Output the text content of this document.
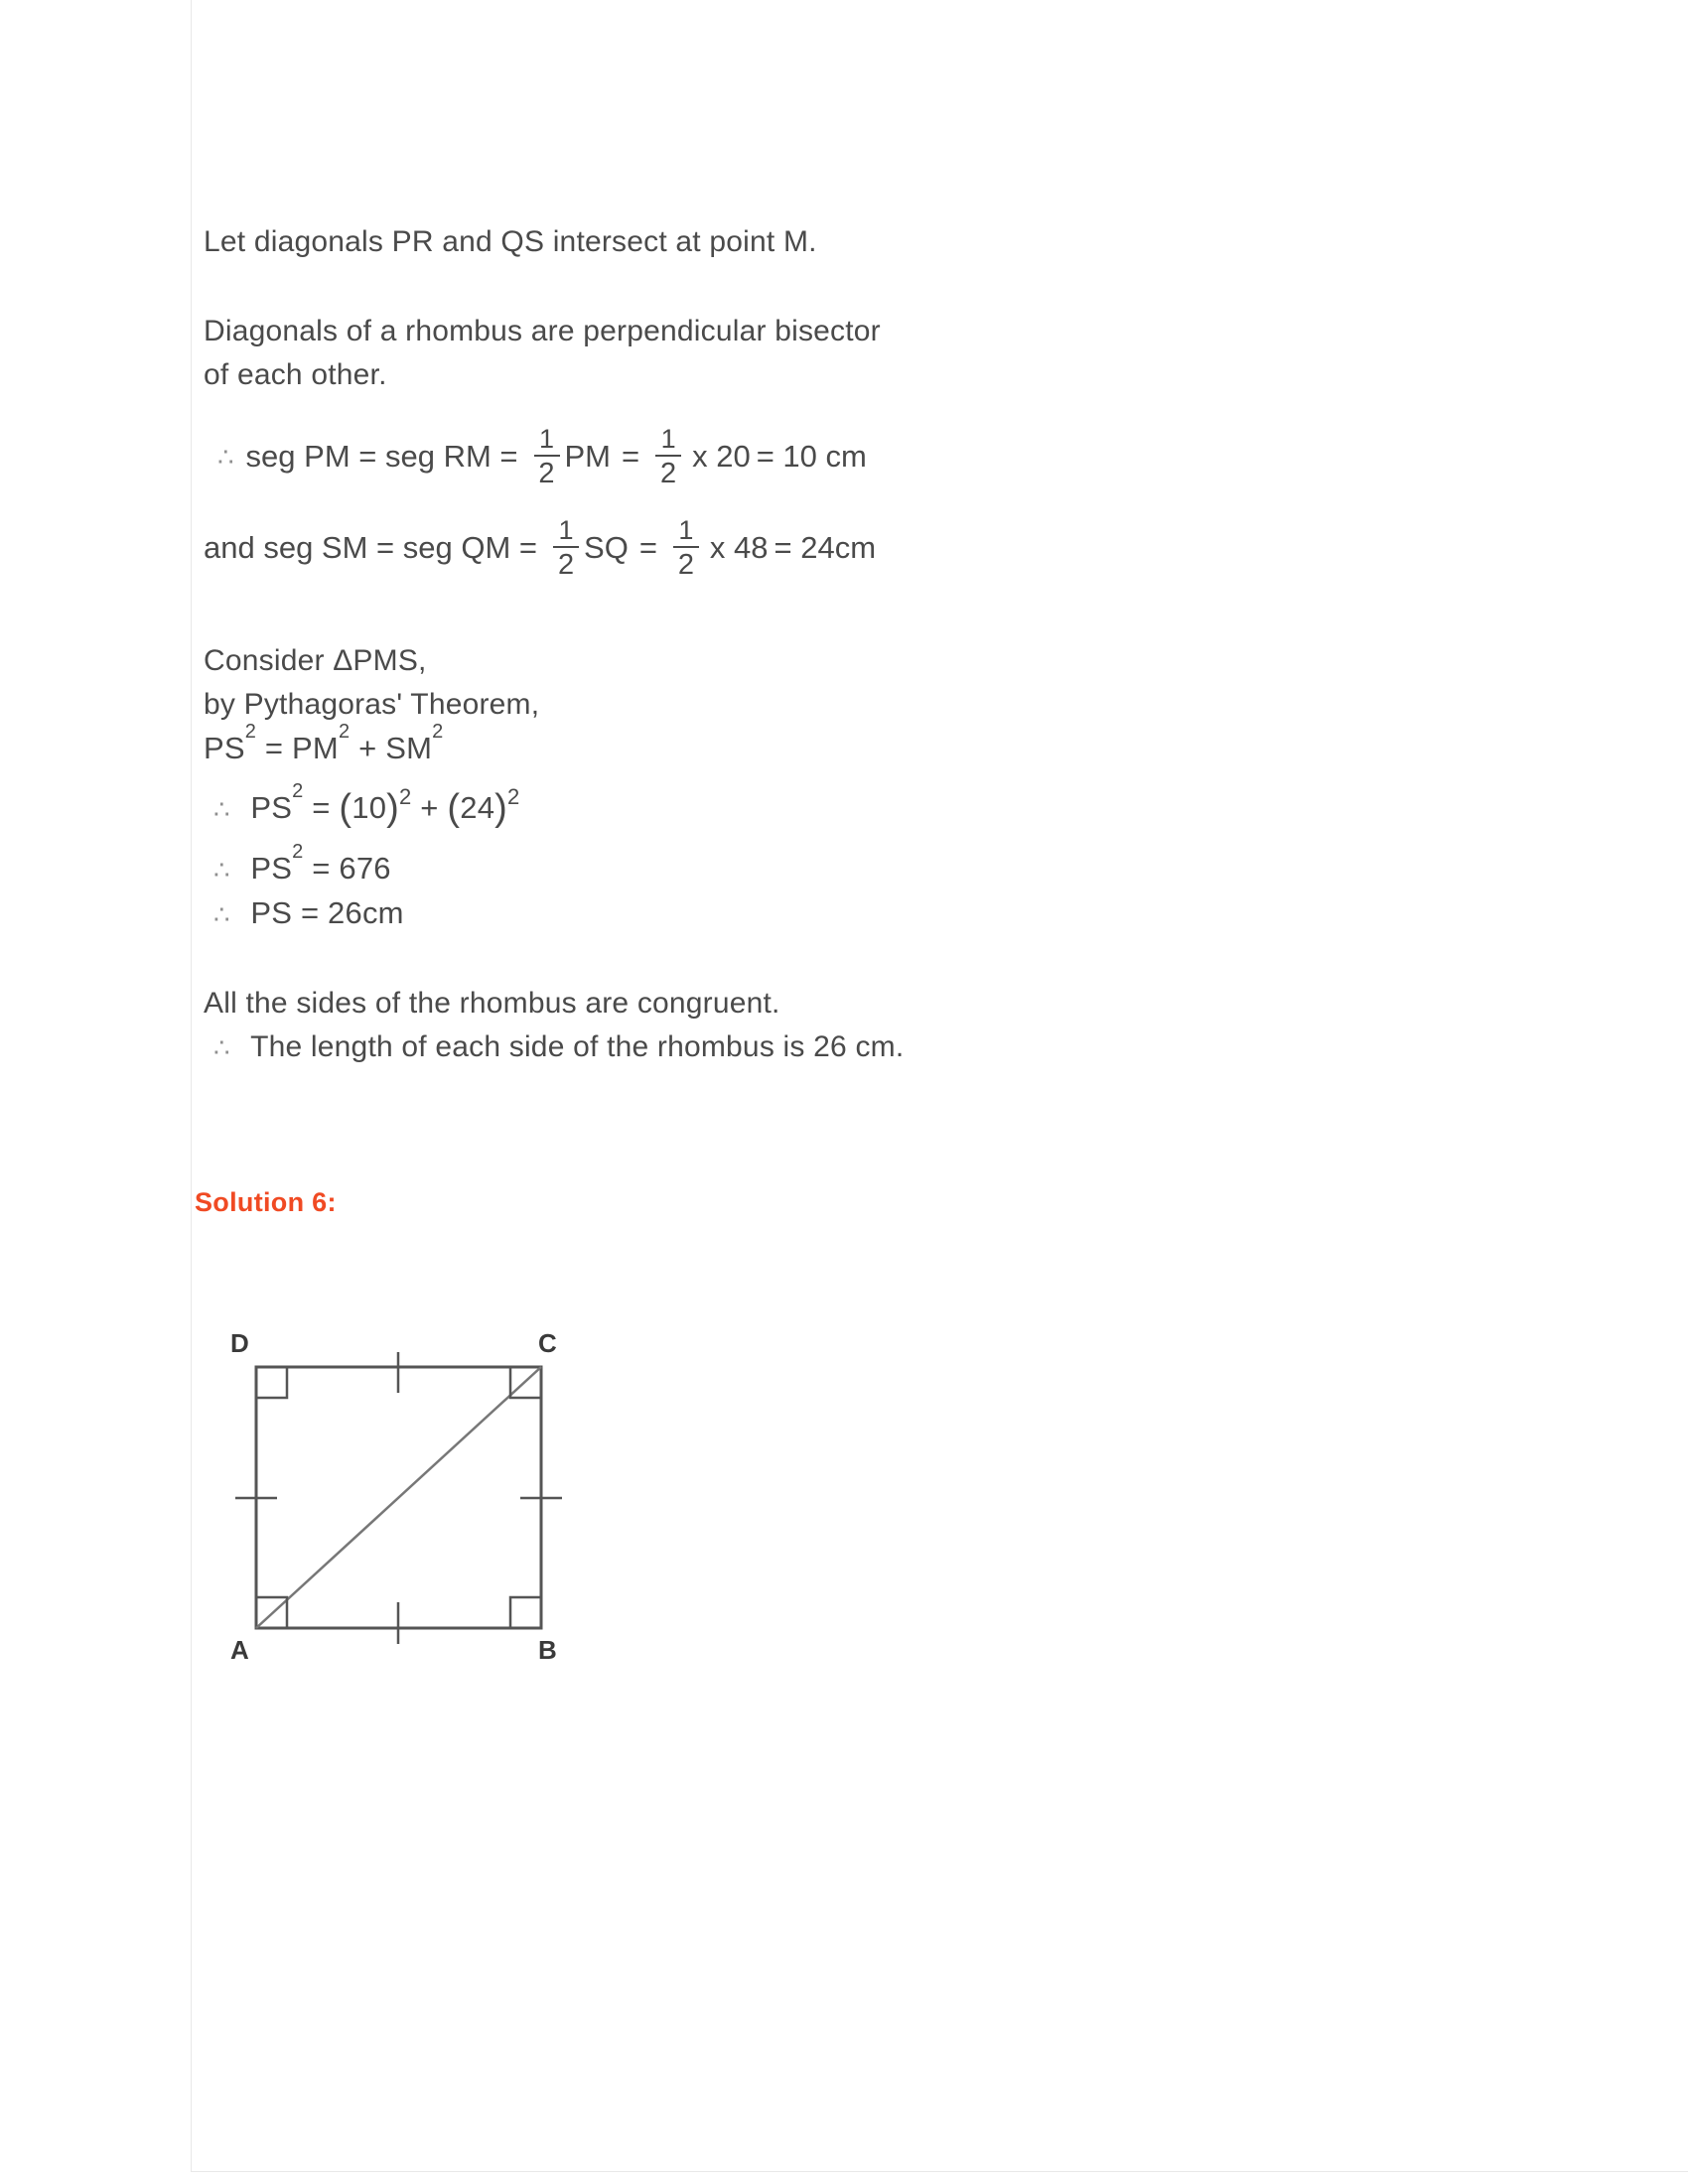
Let diagonals PR and QS intersect at point M.
Diagonals of a rhombus are perpendicular bisector
of each other.
∴ seg PM = seg RM = $\frac{1}{2}$ PM = $\frac{1}{2}$ x 20 = 10 cm
and seg SM = seg QM = $\frac{1}{2}$ SQ = $\frac{1}{2}$ x 48 = 24cm
Consider ΔPMS,
by Pythagoras' Theorem,
$PS^2 = PM^2 + SM^2$
∴ $PS^2 = (10)^2 + (24)^2$
∴ $PS^2 = 676$
∴ PS = 26cm
All the sides of the rhombus are congruent.
∴ The length of each side of the rhombus is 26 cm.
Solution 6:
D	C
A	B
